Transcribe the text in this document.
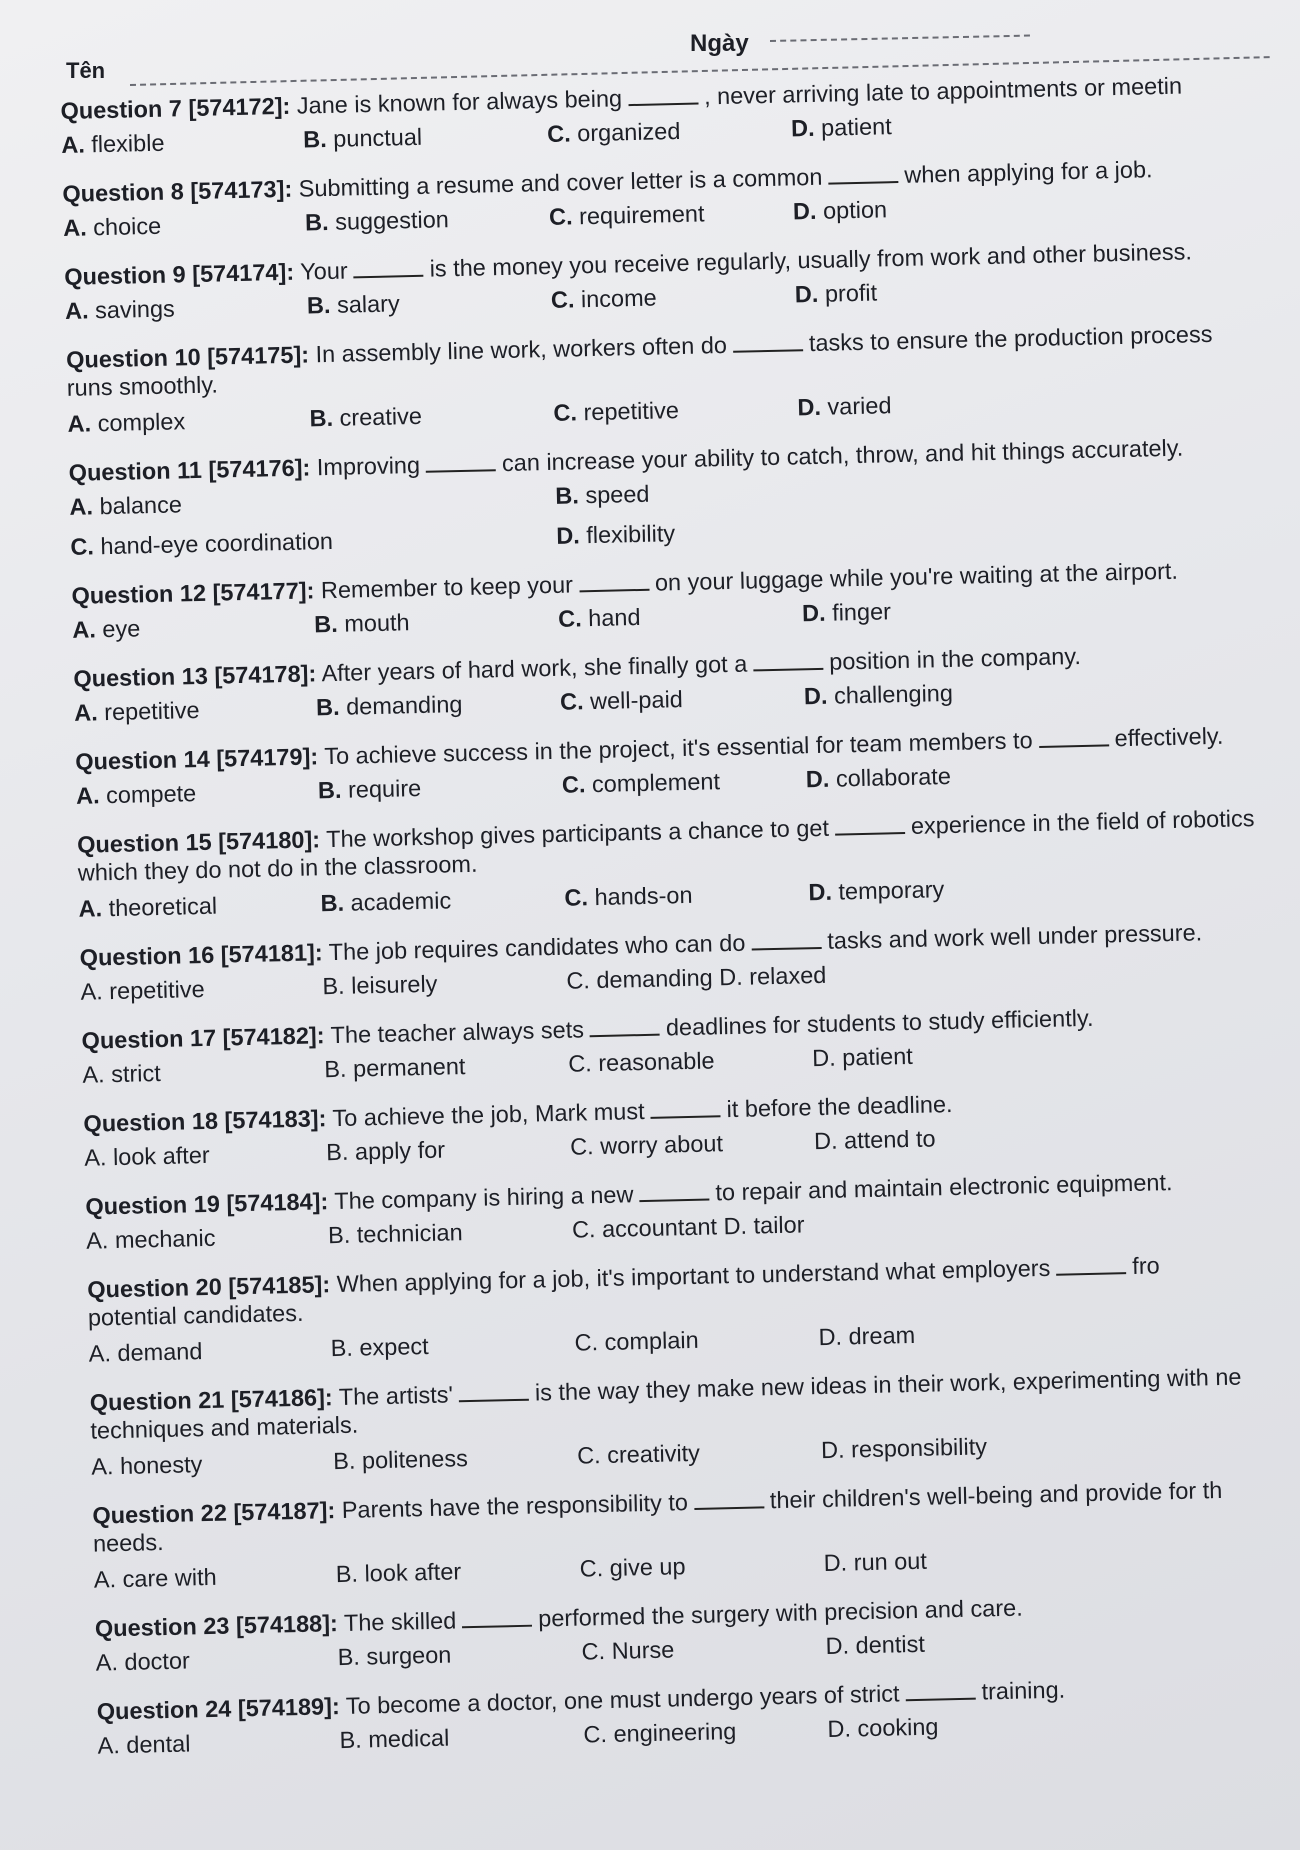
Tên
Ngày
Question 7 [574172]: Jane is known for always being	, never arriving late to appointments or meetin
A. flexible	B. punctual	C. organized	D. patient
Question 8 [574173]: Submitting a resume and cover letter is a common	when applying for a job.
A. choice	B. suggestion	C. requirement	D. option
Question 9 [574174]: Your	is the money you receive regularly, usually from work and other business.
A. savings	B. salary	C. income	D. profit
Question 10 [574175]: In assembly line work, workers often do	tasks to ensure the production process
runs smoothly.
A. complex	B. creative	C. repetitive	D. varied
Question 11 [574176]: Improving	can increase your ability to catch, throw, and hit things accurately.
A. balance	B. speed
C. hand-eye coordination	D. flexibility
Question 12 [574177]: Remember to keep your	on your luggage while you're waiting at the airport.
A. eye	B. mouth	C. hand	D. finger
Question 13 [574178]: After years of hard work, she finally got a	position in the company.
A. repetitive	B. demanding	C. well-paid	D. challenging
Question 14 [574179]: To achieve success in the project, it's essential for team members to	effectively.
A. compete	B. require	C. complement	D. collaborate
Question 15 [574180]: The workshop gives participants a chance to get	experience in the field of robotics
which they do not do in the classroom.
A. theoretical	B. academic	C. hands-on	D. temporary
Question 16 [574181]: The job requires candidates who can do	tasks and work well under pressure.
A. repetitive	B. leisurely	C. demanding D. relaxed
Question 17 [574182]: The teacher always sets	deadlines for students to study efficiently.
A. strict	B. permanent	C. reasonable	D. patient
Question 18 [574183]: To achieve the job, Mark must	it before the deadline.
A. look after	B. apply for	C. worry about	D. attend to
Question 19 [574184]: The company is hiring a new	to repair and maintain electronic equipment.
A. mechanic	B. technician	C. accountant D. tailor
Question 20 [574185]: When applying for a job, it's important to understand what employers	fro
potential candidates.
A. demand	B. expect	C. complain	D. dream
Question 21 [574186]: The artists'	is the way they make new ideas in their work, experimenting with ne
techniques and materials.
A. honesty	B. politeness	C. creativity	D. responsibility
Question 22 [574187]: Parents have the responsibility to	their children's well-being and provide for th
needs.
A. care with	B. look after	C. give up	D. run out
Question 23 [574188]: The skilled	performed the surgery with precision and care.
A. doctor	B. surgeon	C. Nurse	D. dentist
Question 24 [574189]: To become a doctor, one must undergo years of strict	training.
A. dental	B. medical	C. engineering	D. cooking
